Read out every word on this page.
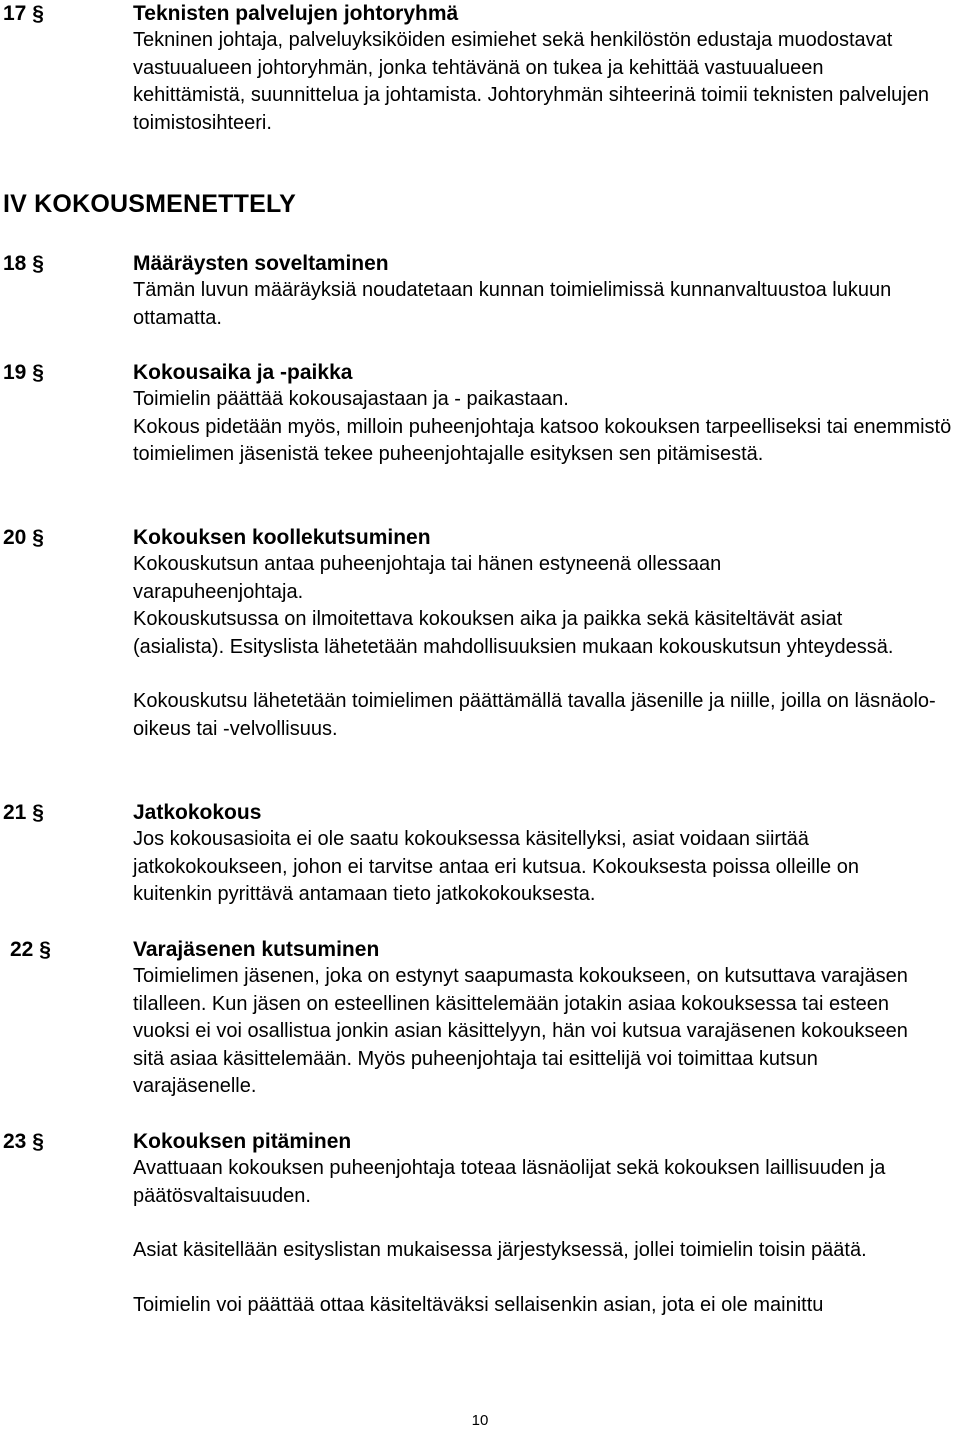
17 §	Teknisten palvelujen johtoryhmä

Tekninen johtaja, palveluyksiköiden esimiehet sekä henkilöstön edustaja muodostavat vastuualueen johtoryhmän, jonka tehtävänä on tukea ja kehittää vastuualueen kehittämistä, suunnittelua ja johtamista. Johtoryhmän sihteerinä toimii teknisten palvelujen toimistosihteeri.

IV KOKOUSMENETTELY
18 §	Määräysten soveltaminen

Tämän luvun määräyksiä noudatetaan kunnan toimielimissä kunnanvaltuustoa lukuun ottamatta.

19 §	Kokousaika ja -paikka

Toimielin päättää kokousajastaan ja - paikastaan.

Kokous pidetään myös, milloin puheenjohtaja katsoo kokouksen tarpeelliseksi tai enemmistö toimielimen jäsenistä tekee puheenjohtajalle esityksen sen pitämisestä.

20 §	Kokouksen koollekutsuminen

Kokouskutsun antaa puheenjohtaja tai hänen estyneenä ollessaan varapuheenjohtaja.

Kokouskutsussa on ilmoitettava kokouksen aika ja paikka sekä käsiteltävät asiat (asialista). Esityslista lähetetään mahdollisuuksien mukaan kokouskutsun yhteydessä.

Kokouskutsu lähetetään toimielimen päättämällä tavalla jäsenille ja niille, joilla on läsnäolo-oikeus tai -velvollisuus.

21 §	Jatkokokous

Jos kokousasioita ei ole saatu kokouksessa käsitellyksi, asiat voidaan siirtää jatkokokoukseen, johon ei tarvitse antaa eri kutsua. Kokouksesta poissa olleille on kuitenkin pyrittävä antamaan tieto jatkokokouksesta.

22 §	Varajäsenen kutsuminen

Toimielimen jäsenen, joka on estynyt saapumasta kokoukseen, on kutsuttava varajäsen tilalleen. Kun jäsen on esteellinen käsittelemään jotakin asiaa kokouksessa tai esteen vuoksi ei voi osallistua jonkin asian käsittelyyn, hän voi kutsua varajäsenen kokoukseen sitä asiaa käsittelemään. Myös puheenjohtaja tai esittelijä voi toimittaa kutsun varajäsenelle.

23 §	Kokouksen pitäminen

Avattuaan kokouksen puheenjohtaja toteaa läsnäolijat sekä kokouksen laillisuuden ja päätösvaltaisuuden.

Asiat käsitellään esityslistan mukaisessa järjestyksessä, jollei toimielin toisin päätä.

Toimielin voi päättää ottaa käsiteltäväksi sellaisenkin asian, jota ei ole mainittu

10
